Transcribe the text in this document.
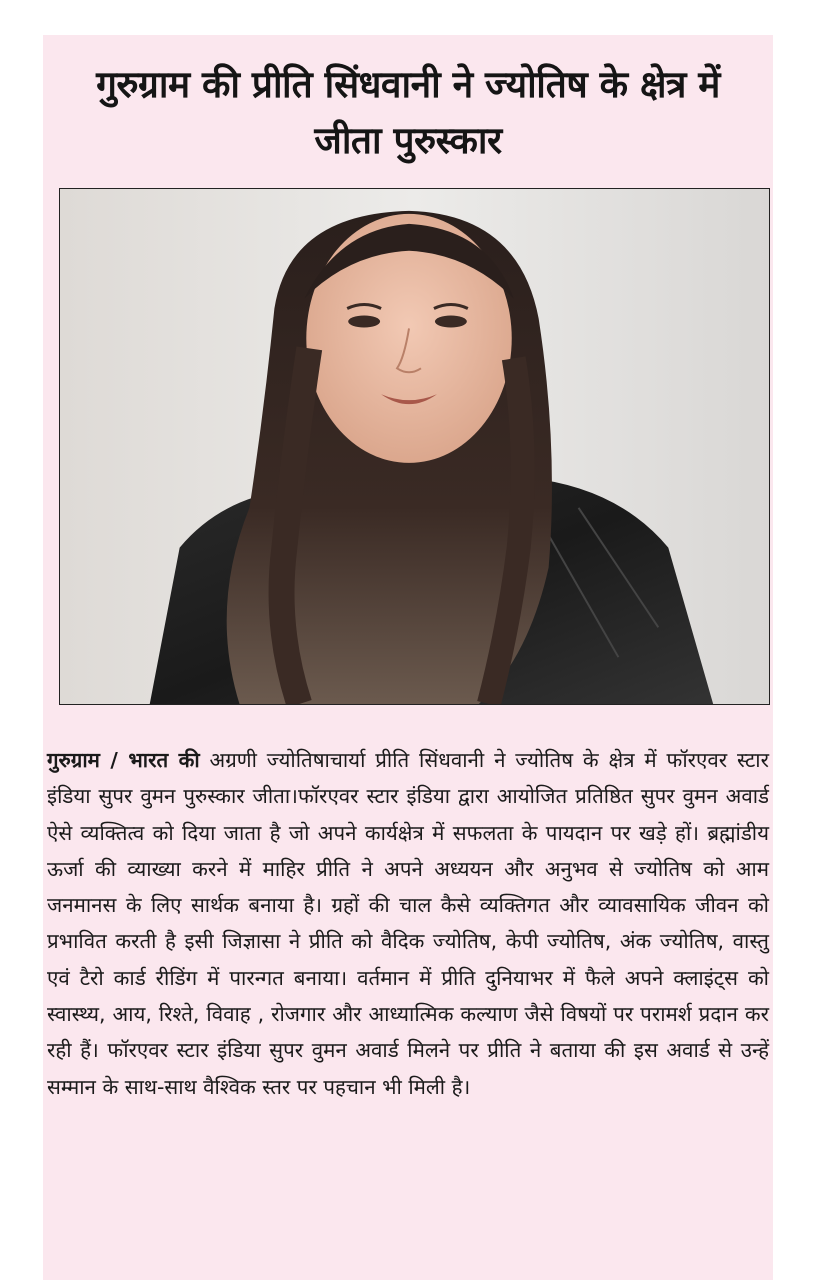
गुरुग्राम की प्रीति सिंधवानी ने ज्योतिष के क्षेत्र में
जीता पुरुस्कार
गुरुग्राम / भारत की अग्रणी ज्योतिषाचार्या प्रीति सिंधवानी ने ज्योतिष के क्षेत्र में फॉरएवर स्टार इंडिया सुपर वुमन पुरुस्कार जीता।फॉरएवर स्टार इंडिया द्वारा आयोजित प्रतिष्ठित सुपर वुमन अवार्ड ऐसे व्यक्तित्व को दिया जाता है जो अपने कार्यक्षेत्र में सफलता के पायदान पर खड़े हों। ब्रह्मांडीय ऊर्जा की व्याख्या करने में माहिर प्रीति ने अपने अध्ययन और अनुभव से ज्योतिष को आम जनमानस के लिए सार्थक बनाया है। ग्रहों की चाल कैसे व्यक्तिगत और व्यावसायिक जीवन को प्रभावित करती है इसी जिज्ञासा ने प्रीति को वैदिक ज्योतिष, केपी ज्योतिष, अंक ज्योतिष, वास्तु एवं टैरो कार्ड रीडिंग में पारन्गत बनाया। वर्तमान में प्रीति दुनियाभर में फैले अपने क्लाइंट्स को स्वास्थ्य, आय, रिश्ते, विवाह , रोजगार और आध्यात्मिक कल्याण जैसे विषयों पर परामर्श प्रदान कर रही हैं। फॉरएवर स्टार इंडिया सुपर वुमन अवार्ड मिलने पर प्रीति ने बताया की इस अवार्ड से उन्हें सम्मान के साथ-साथ वैश्विक स्तर पर पहचान भी मिली है।
